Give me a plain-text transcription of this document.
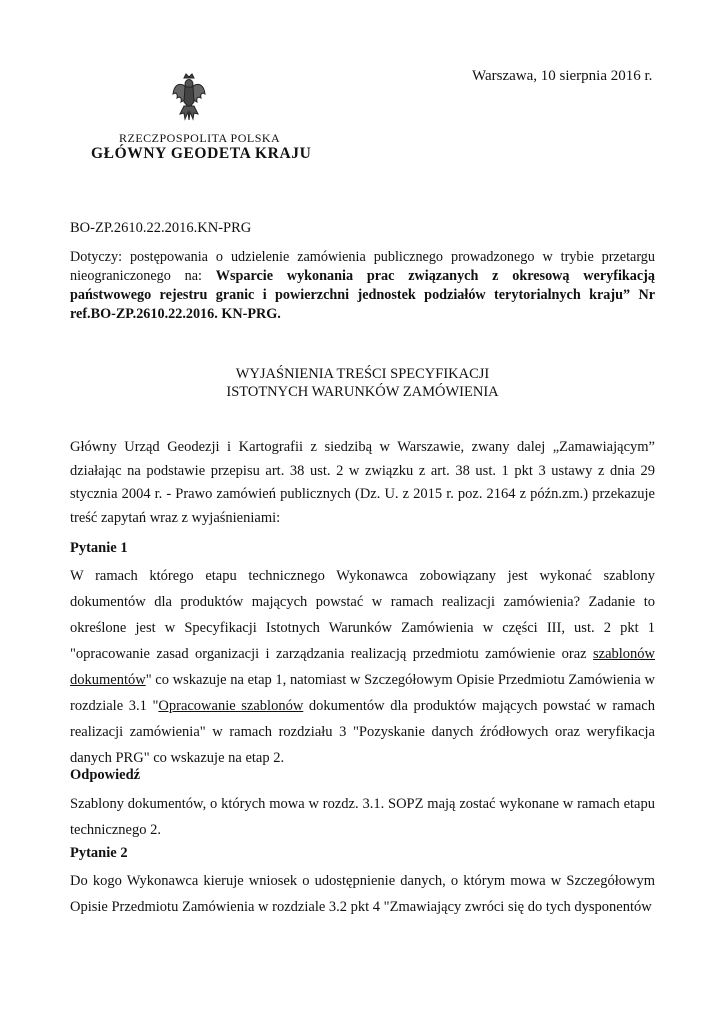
Warszawa, 10 sierpnia 2016 r.
RZECZPOSPOLITA POLSKA
GŁÓWNY GEODETA KRAJU
BO-ZP.2610.22.2016.KN-PRG
Dotyczy: postępowania o udzielenie zamówienia publicznego prowadzonego w trybie przetargu nieograniczonego na: Wsparcie wykonania prac związanych z okresową weryfikacją państwowego rejestru granic i powierzchni jednostek podziałów terytorialnych kraju” Nr ref.BO-ZP.2610.22.2016. KN-PRG.
WYJAŚNIENIA TREŚCI SPECYFIKACJI
ISTOTNYCH WARUNKÓW ZAMÓWIENIA
Główny Urząd Geodezji i Kartografii z siedzibą w Warszawie, zwany dalej „Zamawiającym” działając na podstawie przepisu art. 38 ust. 2 w związku z art. 38 ust. 1 pkt 3 ustawy z dnia 29 stycznia 2004 r. - Prawo zamówień publicznych (Dz. U. z 2015 r. poz. 2164 z późn.zm.) przekazuje treść zapytań wraz z wyjaśnieniami:
Pytanie 1
W ramach którego etapu technicznego Wykonawca zobowiązany jest wykonać szablony dokumentów dla produktów mających powstać w ramach realizacji zamówienia? Zadanie to określone jest w Specyfikacji Istotnych Warunków Zamówienia w części III, ust. 2 pkt 1 "opracowanie zasad organizacji i zarządzania realizacją przedmiotu zamówienie oraz szablonów dokumentów" co wskazuje na etap 1, natomiast w Szczegółowym Opisie Przedmiotu Zamówienia w rozdziale 3.1 "Opracowanie szablonów dokumentów dla produktów mających powstać w ramach realizacji zamówienia" w ramach rozdziału 3 "Pozyskanie danych źródłowych oraz weryfikacja danych PRG" co wskazuje na etap 2.
Odpowiedź
Szablony dokumentów, o których mowa w rozdz. 3.1. SOPZ mają zostać wykonane w ramach etapu technicznego 2.
Pytanie 2
Do kogo Wykonawca kieruje wniosek o udostępnienie danych, o którym mowa w Szczegółowym Opisie Przedmiotu Zamówienia w rozdziale 3.2 pkt 4 "Zmawiający zwróci się do tych dysponentów
